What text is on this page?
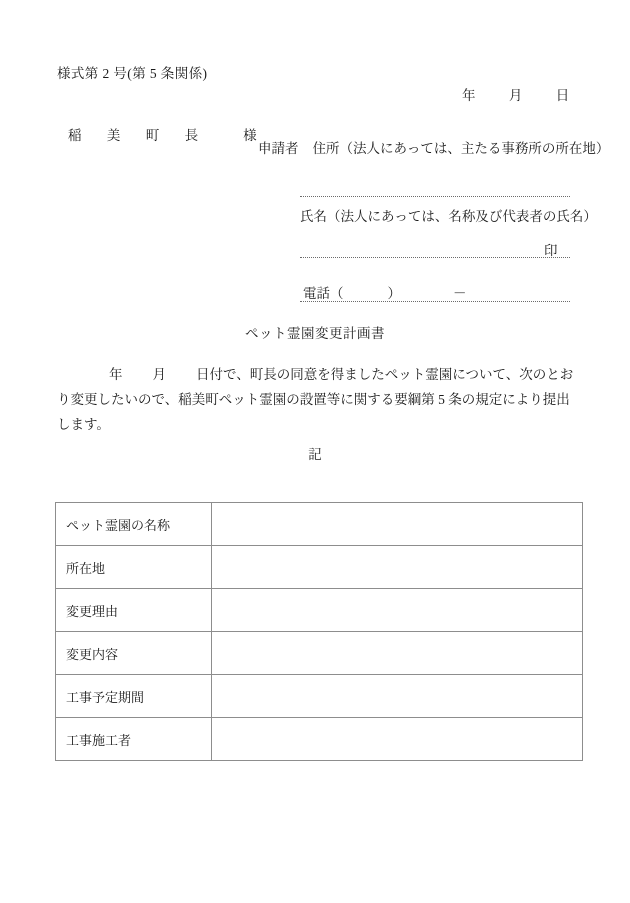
様式第 2 号(第 5 条関係)
年 月 日
稲 美 町 長	様
申請者 住所（法人にあっては、主たる事務所の所在地）
氏名（法人にあっては、名称及び代表者の氏名）
印
電話（	）	－
ペット霊園変更計画書
年 月 日付で、町長の同意を得ましたペット霊園について、次のとおり変更したいので、稲美町ペット霊園の設置等に関する要綱第 5 条の規定により提出します。
記
ペット霊園の名称	
所在地	
変更理由	
変更内容	
工事予定期間	
工事施工者	
